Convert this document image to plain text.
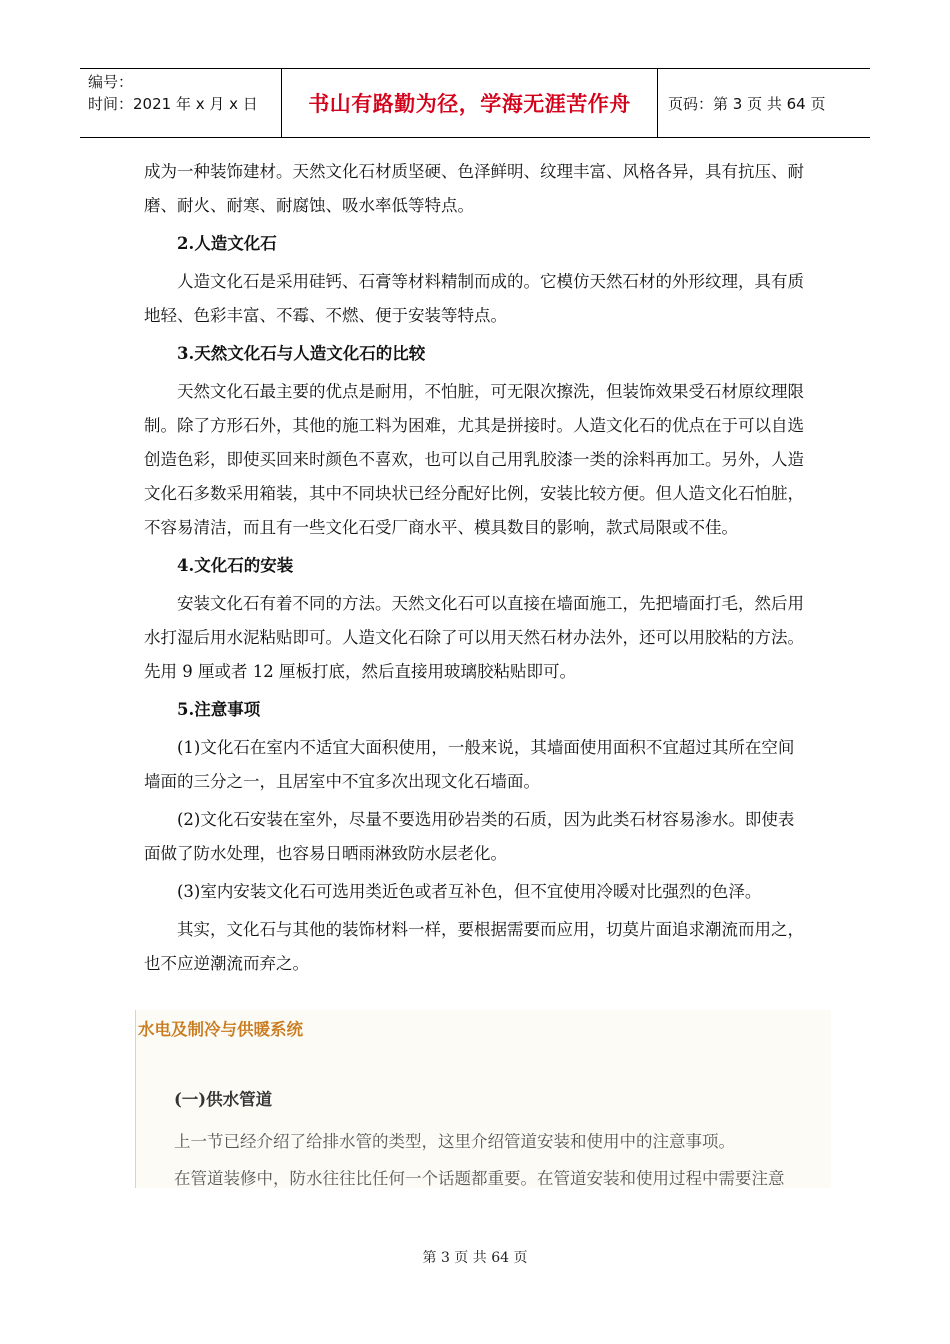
编号：
时间：2021 年 x 月 x 日	书山有路勤为径，学海无涯苦作舟	页码：第 3 页 共 64 页

成为一种装饰建材。天然文化石材质坚硬、色泽鲜明、纹理丰富、风格各异，具有抗压、耐磨、耐火、耐寒、耐腐蚀、吸水率低等特点。

2.人造文化石

人造文化石是采用硅钙、石膏等材料精制而成的。它模仿天然石材的外形纹理，具有质地轻、色彩丰富、不霉、不燃、便于安装等特点。

3.天然文化石与人造文化石的比较

天然文化石最主要的优点是耐用，不怕脏，可无限次擦洗，但装饰效果受石材原纹理限制。除了方形石外，其他的施工料为困难，尤其是拼接时。人造文化石的优点在于可以自选创造色彩，即使买回来时颜色不喜欢，也可以自己用乳胶漆一类的涂料再加工。另外，人造文化石多数采用箱装，其中不同块状已经分配好比例，安装比较方便。但人造文化石怕脏，不容易清洁，而且有一些文化石受厂商水平、模具数目的影响，款式局限或不佳。

4.文化石的安装

安装文化石有着不同的方法。天然文化石可以直接在墙面施工，先把墙面打毛，然后用水打湿后用水泥粘贴即可。人造文化石除了可以用天然石材办法外，还可以用胶粘的方法。先用 9 厘或者 12 厘板打底，然后直接用玻璃胶粘贴即可。

5.注意事项

(1)文化石在室内不适宜大面积使用，一般来说，其墙面使用面积不宜超过其所在空间墙面的三分之一，且居室中不宜多次出现文化石墙面。

(2)文化石安装在室外，尽量不要选用砂岩类的石质，因为此类石材容易渗水。即使表面做了防水处理，也容易日晒雨淋致防水层老化。

(3)室内安装文化石可选用类近色或者互补色，但不宜使用冷暖对比强烈的色泽。

其实，文化石与其他的装饰材料一样，要根据需要而应用，切莫片面追求潮流而用之，也不应逆潮流而弃之。

水电及制冷与供暖系统
(一)供水管道
上一节已经介绍了给排水管的类型，这里介绍管道安装和使用中的注意事项。
在管道装修中，防水往往比任何一个话题都重要。在管道安装和使用过程中需要注意
第 3 页 共 64 页
